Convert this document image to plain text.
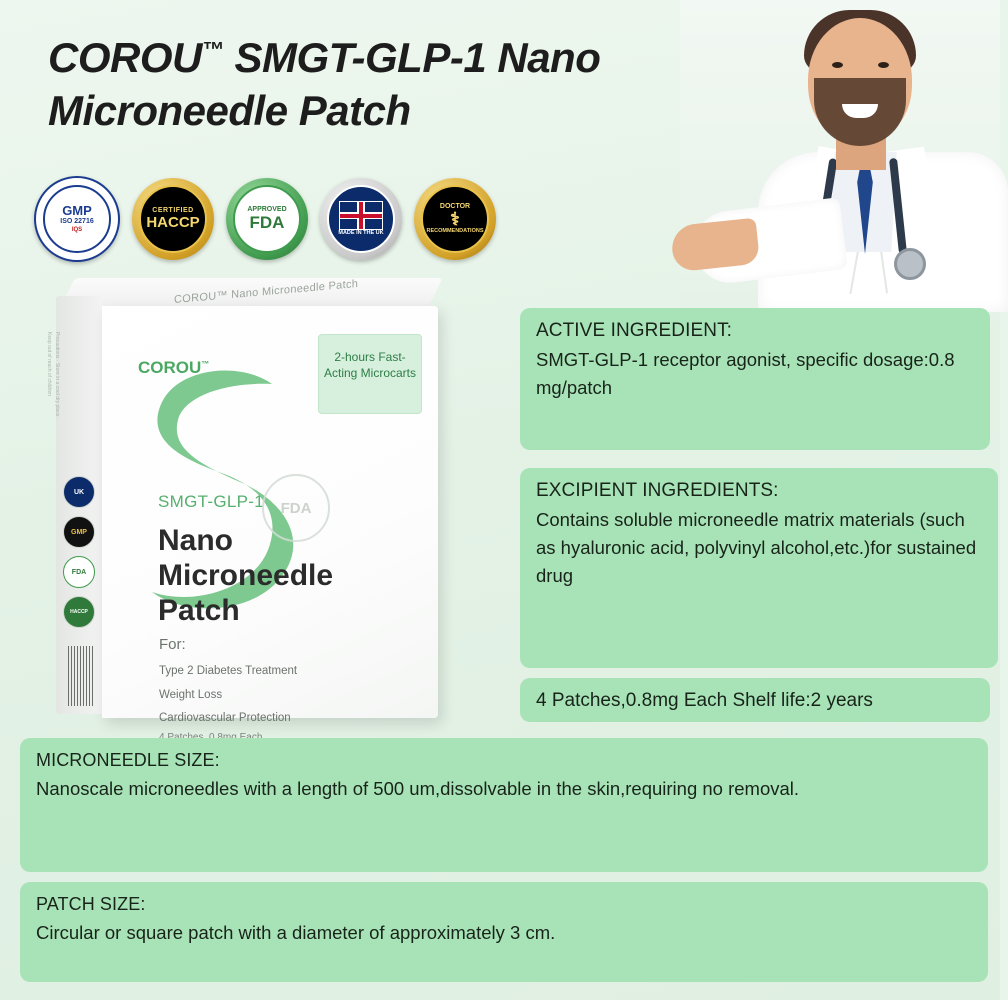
COROU™ SMGT-GLP-1 Nano Microneedle Patch
GMP
ISO 22716
IQS
CERTIFIED
HACCP
APPROVED
FDA
MADE IN THE UK
DOCTOR
⚕
RECOMMENDATIONS
COROU™ Nano Microneedle Patch
Precautions · Store in a cool dry place · Keep out of reach of children
UK
GMP
FDA
HACCP
COROU™	2-hours Fast-Acting Microcarts
SMGT-GLP-1	FDA
Nano
Microneedle
Patch
For:
Type 2 Diabetes Treatment
Weight Loss
Cardiovascular Protection
ACTIVE INGREDIENT:

SMGT-GLP-1 receptor agonist, specific dosage:0.8 mg/patch

EXCIPIENT INGREDIENTS:

Contains soluble microneedle matrix materials (such as hyaluronic acid, polyvinyl alcohol,etc.)for sustained drug

4 Patches,0.8mg Each Shelf life:2 years

MICRONEEDLE SIZE:

Nanoscale microneedles with a length of 500 um,dissolvable in the skin,requiring no removal.

PATCH SIZE:

Circular or square patch with a diameter of approximately 3 cm.
